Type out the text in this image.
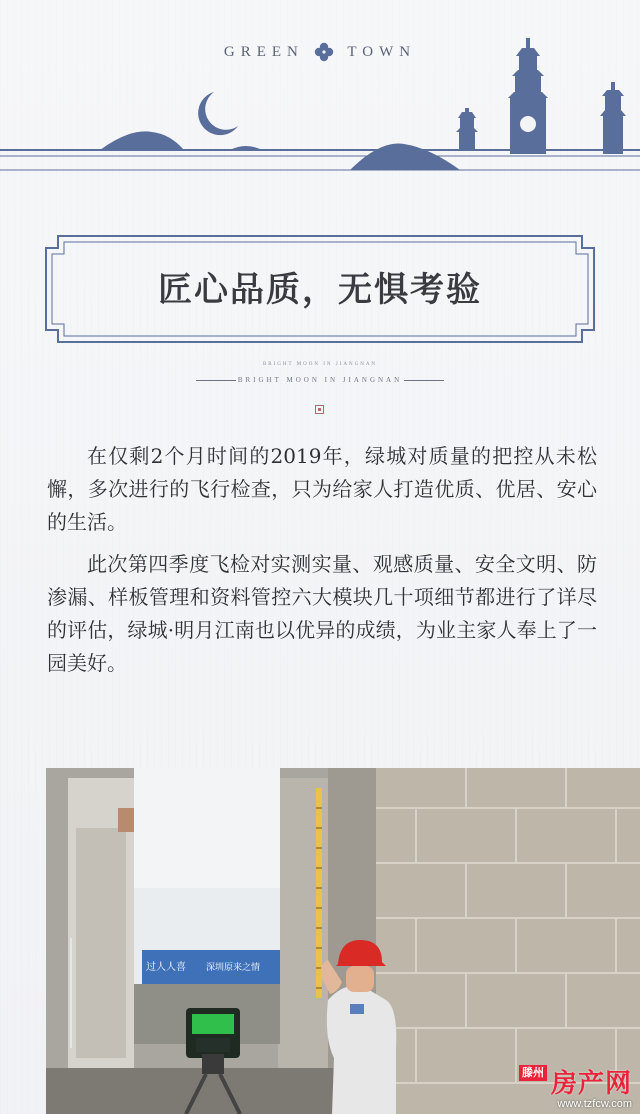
GREEN	TOWN
匠心品质，无惧考验
BRIGHT MOON IN JIANGNAN
BRIGHT MOON IN JIANGNAN

在仅剩2个月时间的2019年，绿城对质量的把控从未松懈，多次进行的飞行检查，只为给家人打造优质、优居、安心的生活。

此次第四季度飞检对实测实量、观感质量、安全文明、防渗漏、样板管理和资料管控六大模块几十项细节都进行了详尽的评估，绿城·明月江南也以优异的成绩，为业主家人奉上了一园美好。

过人人喜 深圳原来之情
滕州 房产网
www.tzfcw.com
